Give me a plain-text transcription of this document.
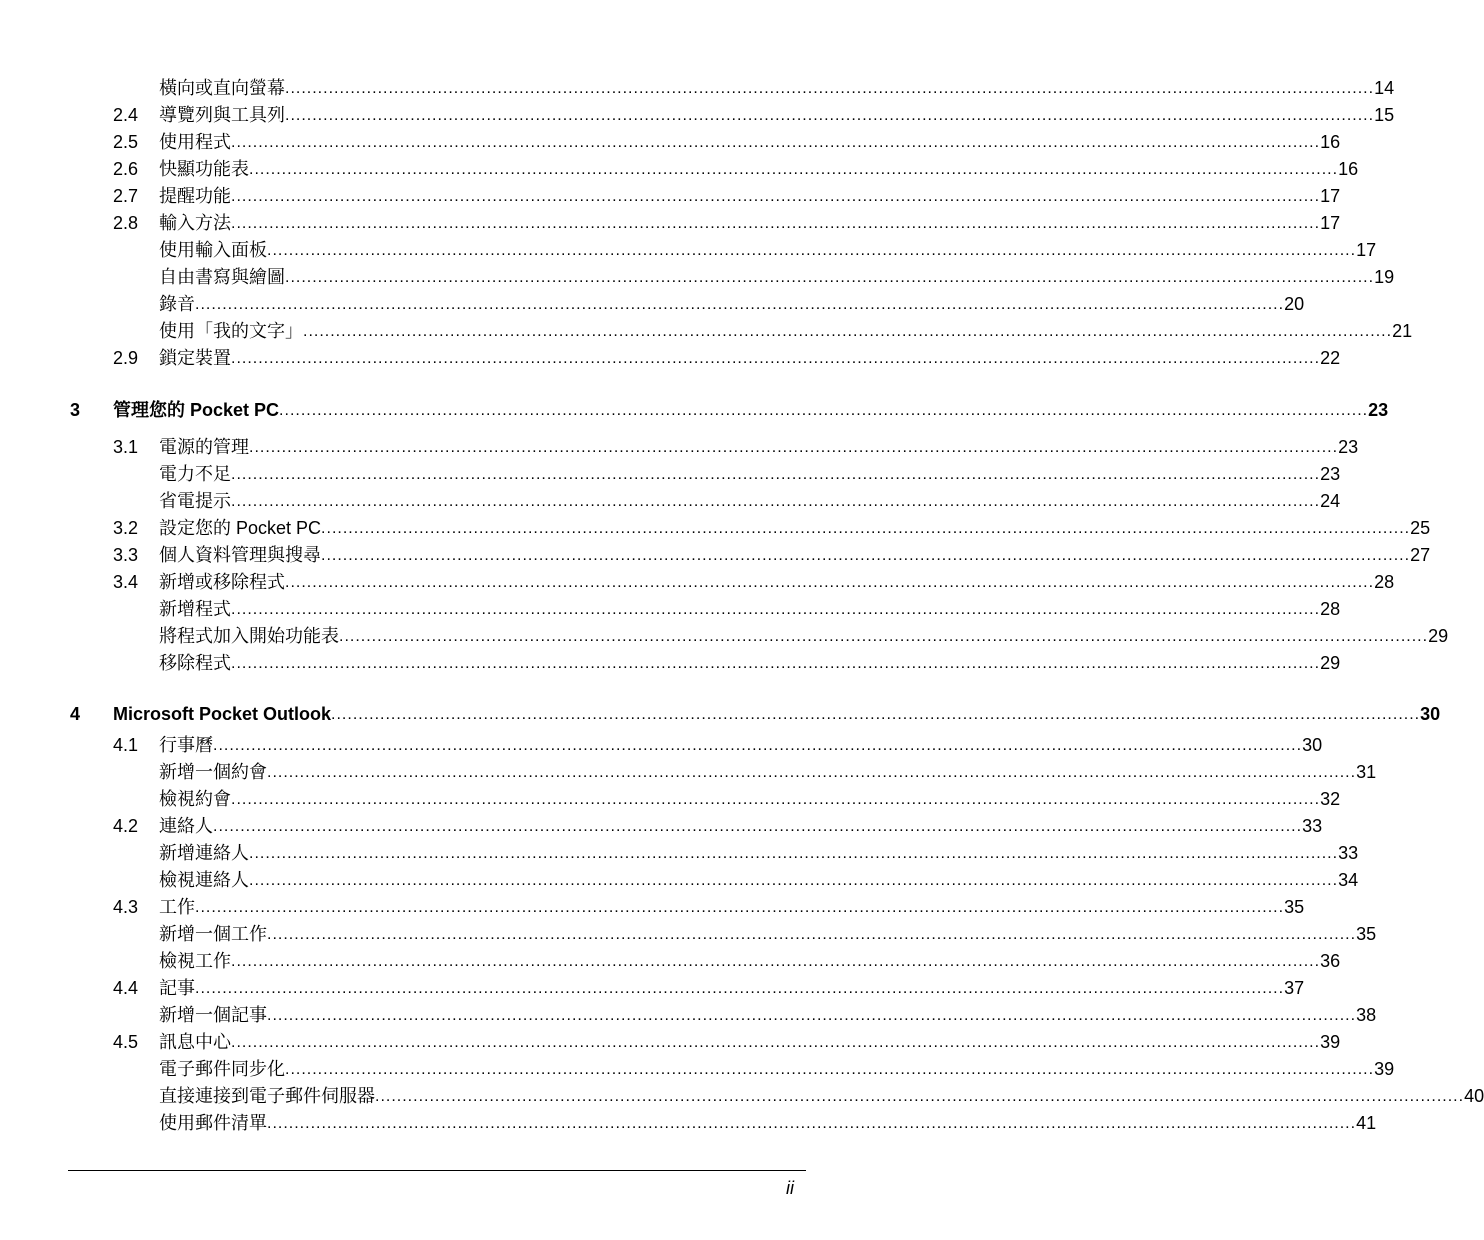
橫向或直向螢幕 ........................................................................................................................................................................................................ 14
2.4	導覽列與工具列 ........................................................................................................................................................................................................ 15
2.5	使用程式 ........................................................................................................................................................................................................ 16
2.6	快顯功能表 ........................................................................................................................................................................................................ 16
2.7	提醒功能 ........................................................................................................................................................................................................ 17
2.8	輸入方法 ........................................................................................................................................................................................................ 17
使用輸入面板 ........................................................................................................................................................................................................ 17
自由書寫與繪圖 ........................................................................................................................................................................................................ 19
錄音 ........................................................................................................................................................................................................ 20
使用「我的文字」 ........................................................................................................................................................................................................ 21
2.9	鎖定裝置 ........................................................................................................................................................................................................ 22
3	管理您的 Pocket PC ........................................................................................................................................................................................................ 23
3.1	電源的管理 ........................................................................................................................................................................................................ 23
電力不足 ........................................................................................................................................................................................................ 23
省電提示 ........................................................................................................................................................................................................ 24
3.2	設定您的 Pocket PC ........................................................................................................................................................................................................ 25
3.3	個人資料管理與搜尋 ........................................................................................................................................................................................................ 27
3.4	新增或移除程式 ........................................................................................................................................................................................................ 28
新增程式 ........................................................................................................................................................................................................ 28
將程式加入開始功能表 ........................................................................................................................................................................................................ 29
移除程式 ........................................................................................................................................................................................................ 29
4	Microsoft Pocket Outlook ........................................................................................................................................................................................................ 30
4.1	行事曆 ........................................................................................................................................................................................................ 30
新增一個約會 ........................................................................................................................................................................................................ 31
檢視約會 ........................................................................................................................................................................................................ 32
4.2	連絡人 ........................................................................................................................................................................................................ 33
新增連絡人 ........................................................................................................................................................................................................ 33
檢視連絡人 ........................................................................................................................................................................................................ 34
4.3	工作 ........................................................................................................................................................................................................ 35
新增一個工作 ........................................................................................................................................................................................................ 35
檢視工作 ........................................................................................................................................................................................................ 36
4.4	記事 ........................................................................................................................................................................................................ 37
新增一個記事 ........................................................................................................................................................................................................ 38
4.5	訊息中心 ........................................................................................................................................................................................................ 39
電子郵件同步化 ........................................................................................................................................................................................................ 39
直接連接到電子郵件伺服器 ........................................................................................................................................................................................................ 40
使用郵件清單 ........................................................................................................................................................................................................ 41
ii
